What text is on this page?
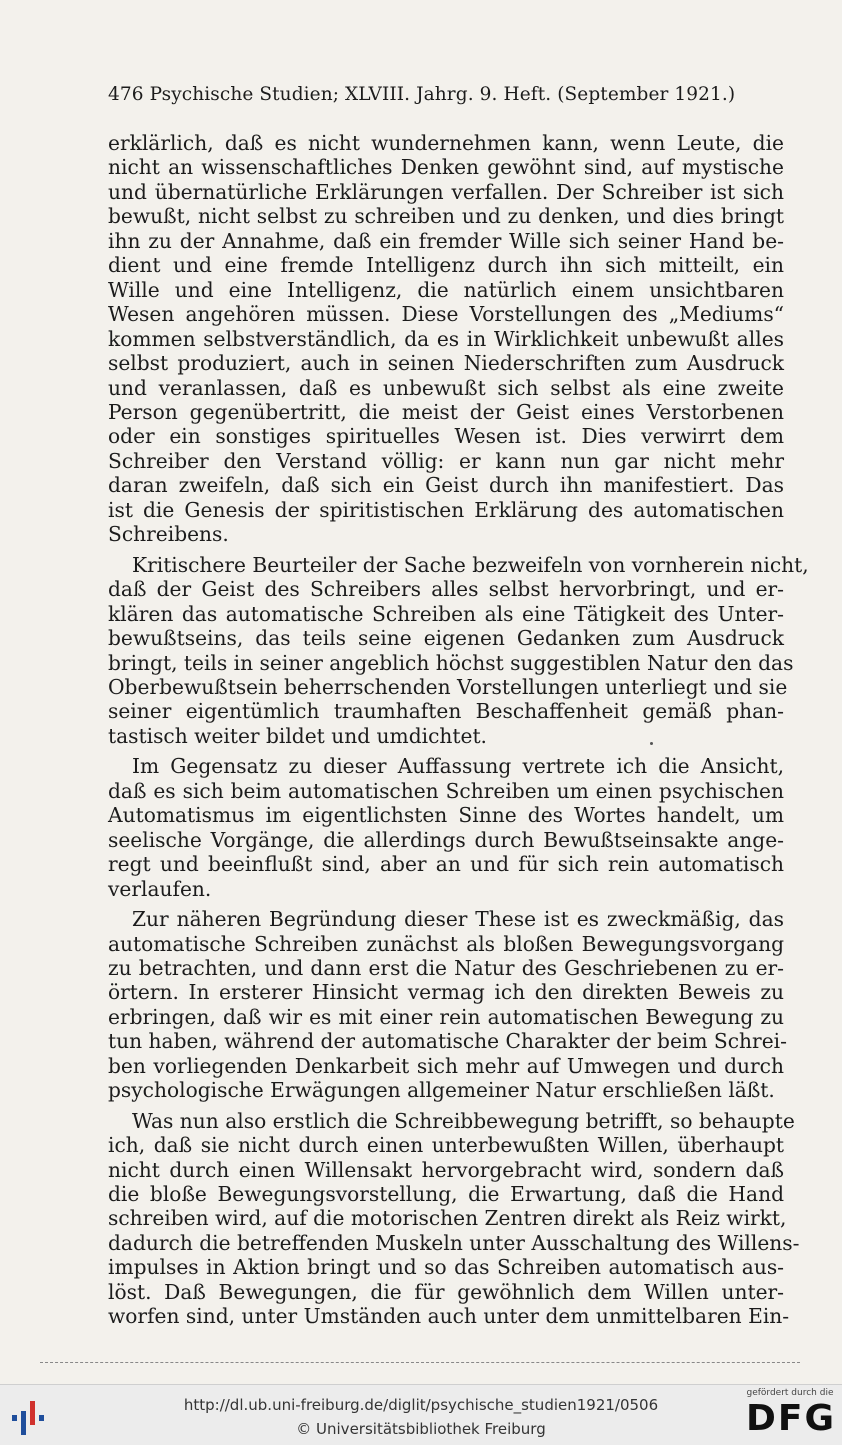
476 Psychische Studien; XLVIII. Jahrg. 9. Heft. (September 1921.)
erklärlich, daß es nicht wundernehmen kann, wenn Leute, die
nicht an wissenschaftliches Denken gewöhnt sind, auf mystische
und übernatürliche Erklärungen verfallen. Der Schreiber ist sich
bewußt, nicht selbst zu schreiben und zu denken, und dies bringt
ihn zu der Annahme, daß ein fremder Wille sich seiner Hand be-
dient und eine fremde Intelligenz durch ihn sich mitteilt, ein
Wille und eine Intelligenz, die natürlich einem unsichtbaren
Wesen angehören müssen. Diese Vorstellungen des „Mediums“
kommen selbstverständlich, da es in Wirklichkeit unbewußt alles
selbst produziert, auch in seinen Niederschriften zum Ausdruck
und veranlassen, daß es unbewußt sich selbst als eine zweite
Person gegenübertritt, die meist der Geist eines Verstorbenen
oder ein sonstiges spirituelles Wesen ist. Dies verwirrt dem
Schreiber den Verstand völlig: er kann nun gar nicht mehr
daran zweifeln, daß sich ein Geist durch ihn manifestiert. Das
ist die Genesis der spiritistischen Erklärung des automatischen
Schreibens.
Kritischere Beurteiler der Sache bezweifeln von vornherein nicht,
daß der Geist des Schreibers alles selbst hervorbringt, und er-
klären das automatische Schreiben als eine Tätigkeit des Unter-
bewußtseins, das teils seine eigenen Gedanken zum Ausdruck
bringt, teils in seiner angeblich höchst suggestiblen Natur den das
Oberbewußtsein beherrschenden Vorstellungen unterliegt und sie
seiner eigentümlich traumhaften Beschaffenheit gemäß phan-
tastisch weiter bildet und umdichtet.
Im Gegensatz zu dieser Auffassung vertrete ich die Ansicht,
daß es sich beim automatischen Schreiben um einen psychischen
Automatismus im eigentlichsten Sinne des Wortes handelt, um
seelische Vorgänge, die allerdings durch Bewußtseinsakte ange-
regt und beeinflußt sind, aber an und für sich rein automatisch
verlaufen.
Zur näheren Begründung dieser These ist es zweckmäßig, das
automatische Schreiben zunächst als bloßen Bewegungsvorgang
zu betrachten, und dann erst die Natur des Geschriebenen zu er-
örtern. In ersterer Hinsicht vermag ich den direkten Beweis zu
erbringen, daß wir es mit einer rein automatischen Bewegung zu
tun haben, während der automatische Charakter der beim Schrei-
ben vorliegenden Denkarbeit sich mehr auf Umwegen und durch
psychologische Erwägungen allgemeiner Natur erschließen läßt.
Was nun also erstlich die Schreibbewegung betrifft, so behaupte
ich, daß sie nicht durch einen unterbewußten Willen, überhaupt
nicht durch einen Willensakt hervorgebracht wird, sondern daß
die bloße Bewegungsvorstellung, die Erwartung, daß die Hand
schreiben wird, auf die motorischen Zentren direkt als Reiz wirkt,
dadurch die betreffenden Muskeln unter Ausschaltung des Willens-
impulses in Aktion bringt und so das Schreiben automatisch aus-
löst. Daß Bewegungen, die für gewöhnlich dem Willen unter-
worfen sind, unter Umständen auch unter dem unmittelbaren Ein-
http://dl.ub.uni-freiburg.de/diglit/psychische_studien1921/0506
© Universitätsbibliothek Freiburg
gefördert durch die
DFG
